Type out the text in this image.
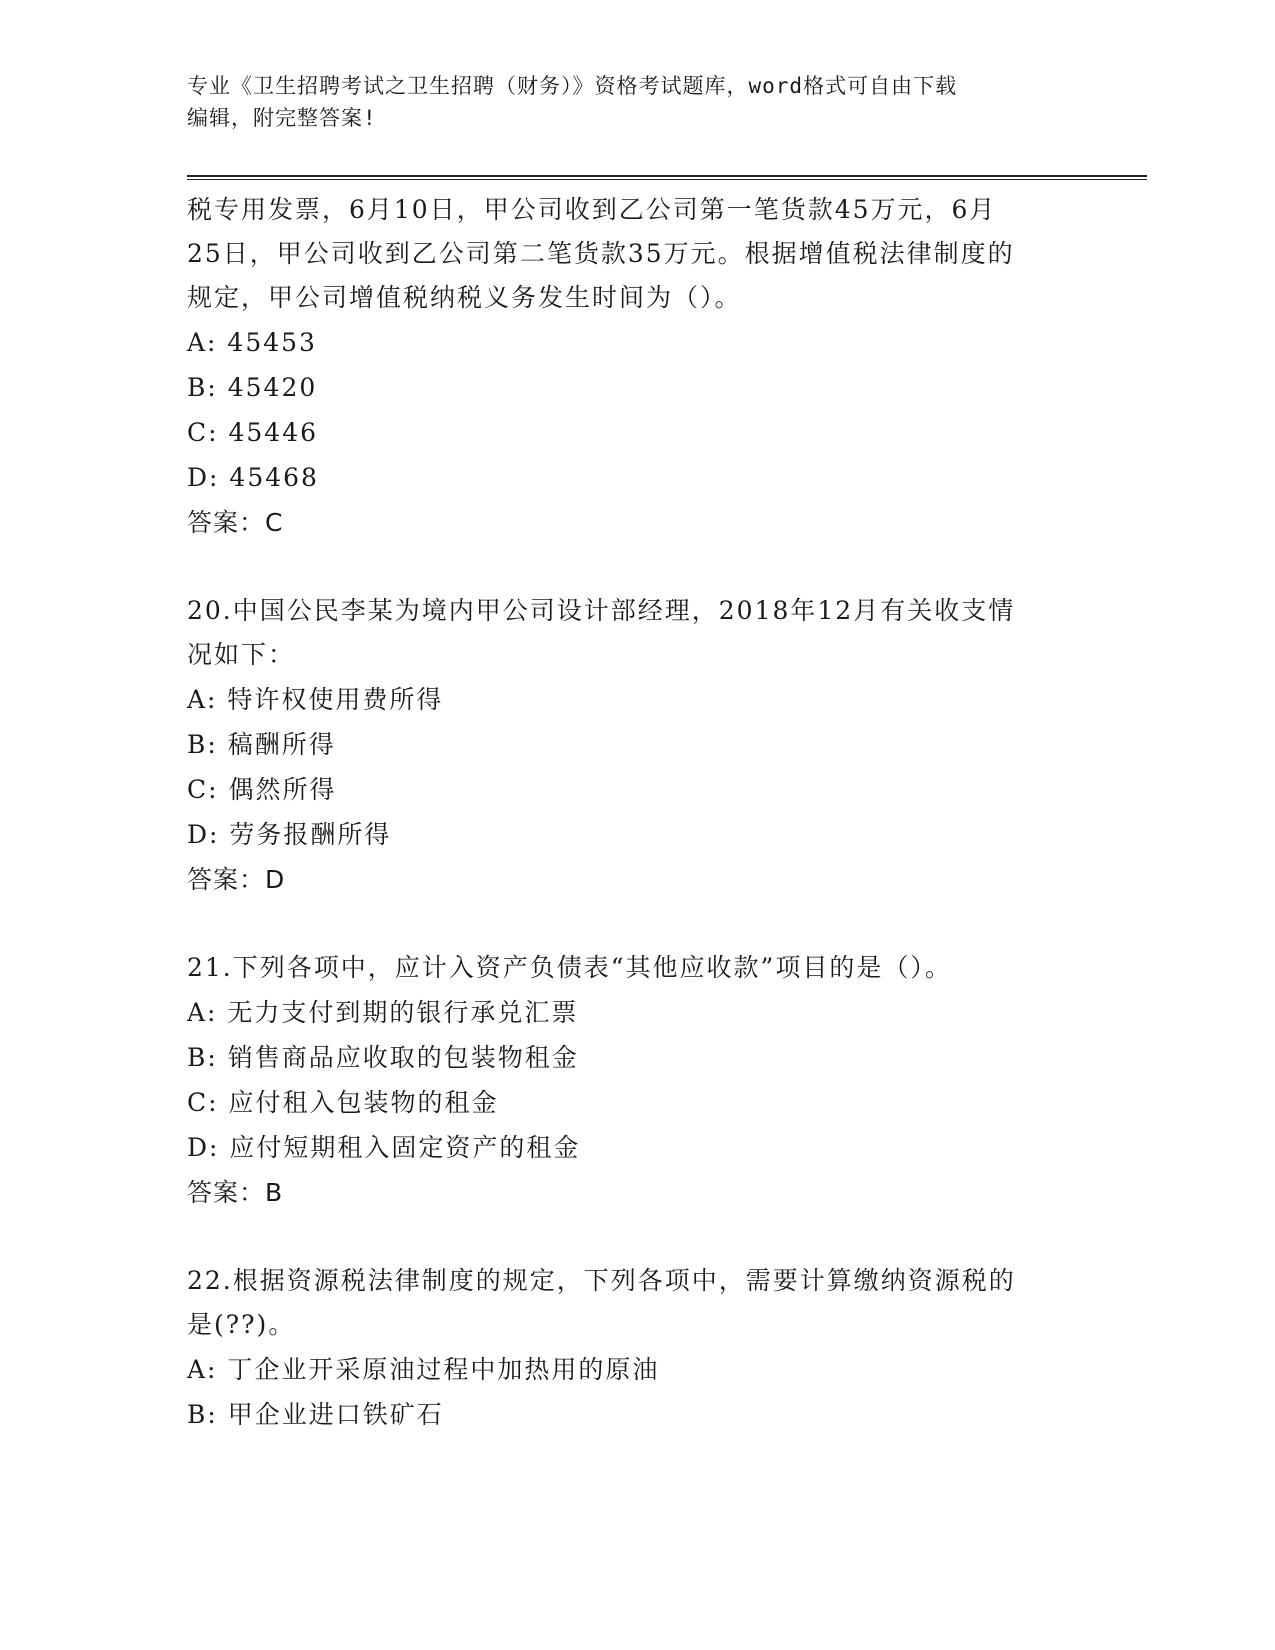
专业《卫生招聘考试之卫生招聘（财务）》资格考试题库，word格式可自由下载
编辑，附完整答案!

税专用发票，6月10日，甲公司收到乙公司第一笔货款45万元，6月

25日，甲公司收到乙公司第二笔货款35万元。根据增值税法律制度的

规定，甲公司增值税纳税义务发生时间为（）。

A: 45453

B: 45420

C: 45446

D: 45468

答案：C

20.中国公民李某为境内甲公司设计部经理，2018年12月有关收支情

况如下：

A: 特许权使用费所得

B: 稿酬所得

C: 偶然所得

D: 劳务报酬所得

答案：D

21.下列各项中，应计入资产负债表“其他应收款”项目的是（）。

A: 无力支付到期的银行承兑汇票

B: 销售商品应收取的包装物租金

C: 应付租入包装物的租金

D: 应付短期租入固定资产的租金

答案：B

22.根据资源税法律制度的规定，下列各项中，需要计算缴纳资源税的

是(??)。

A: 丁企业开采原油过程中加热用的原油

B: 甲企业进口铁矿石
